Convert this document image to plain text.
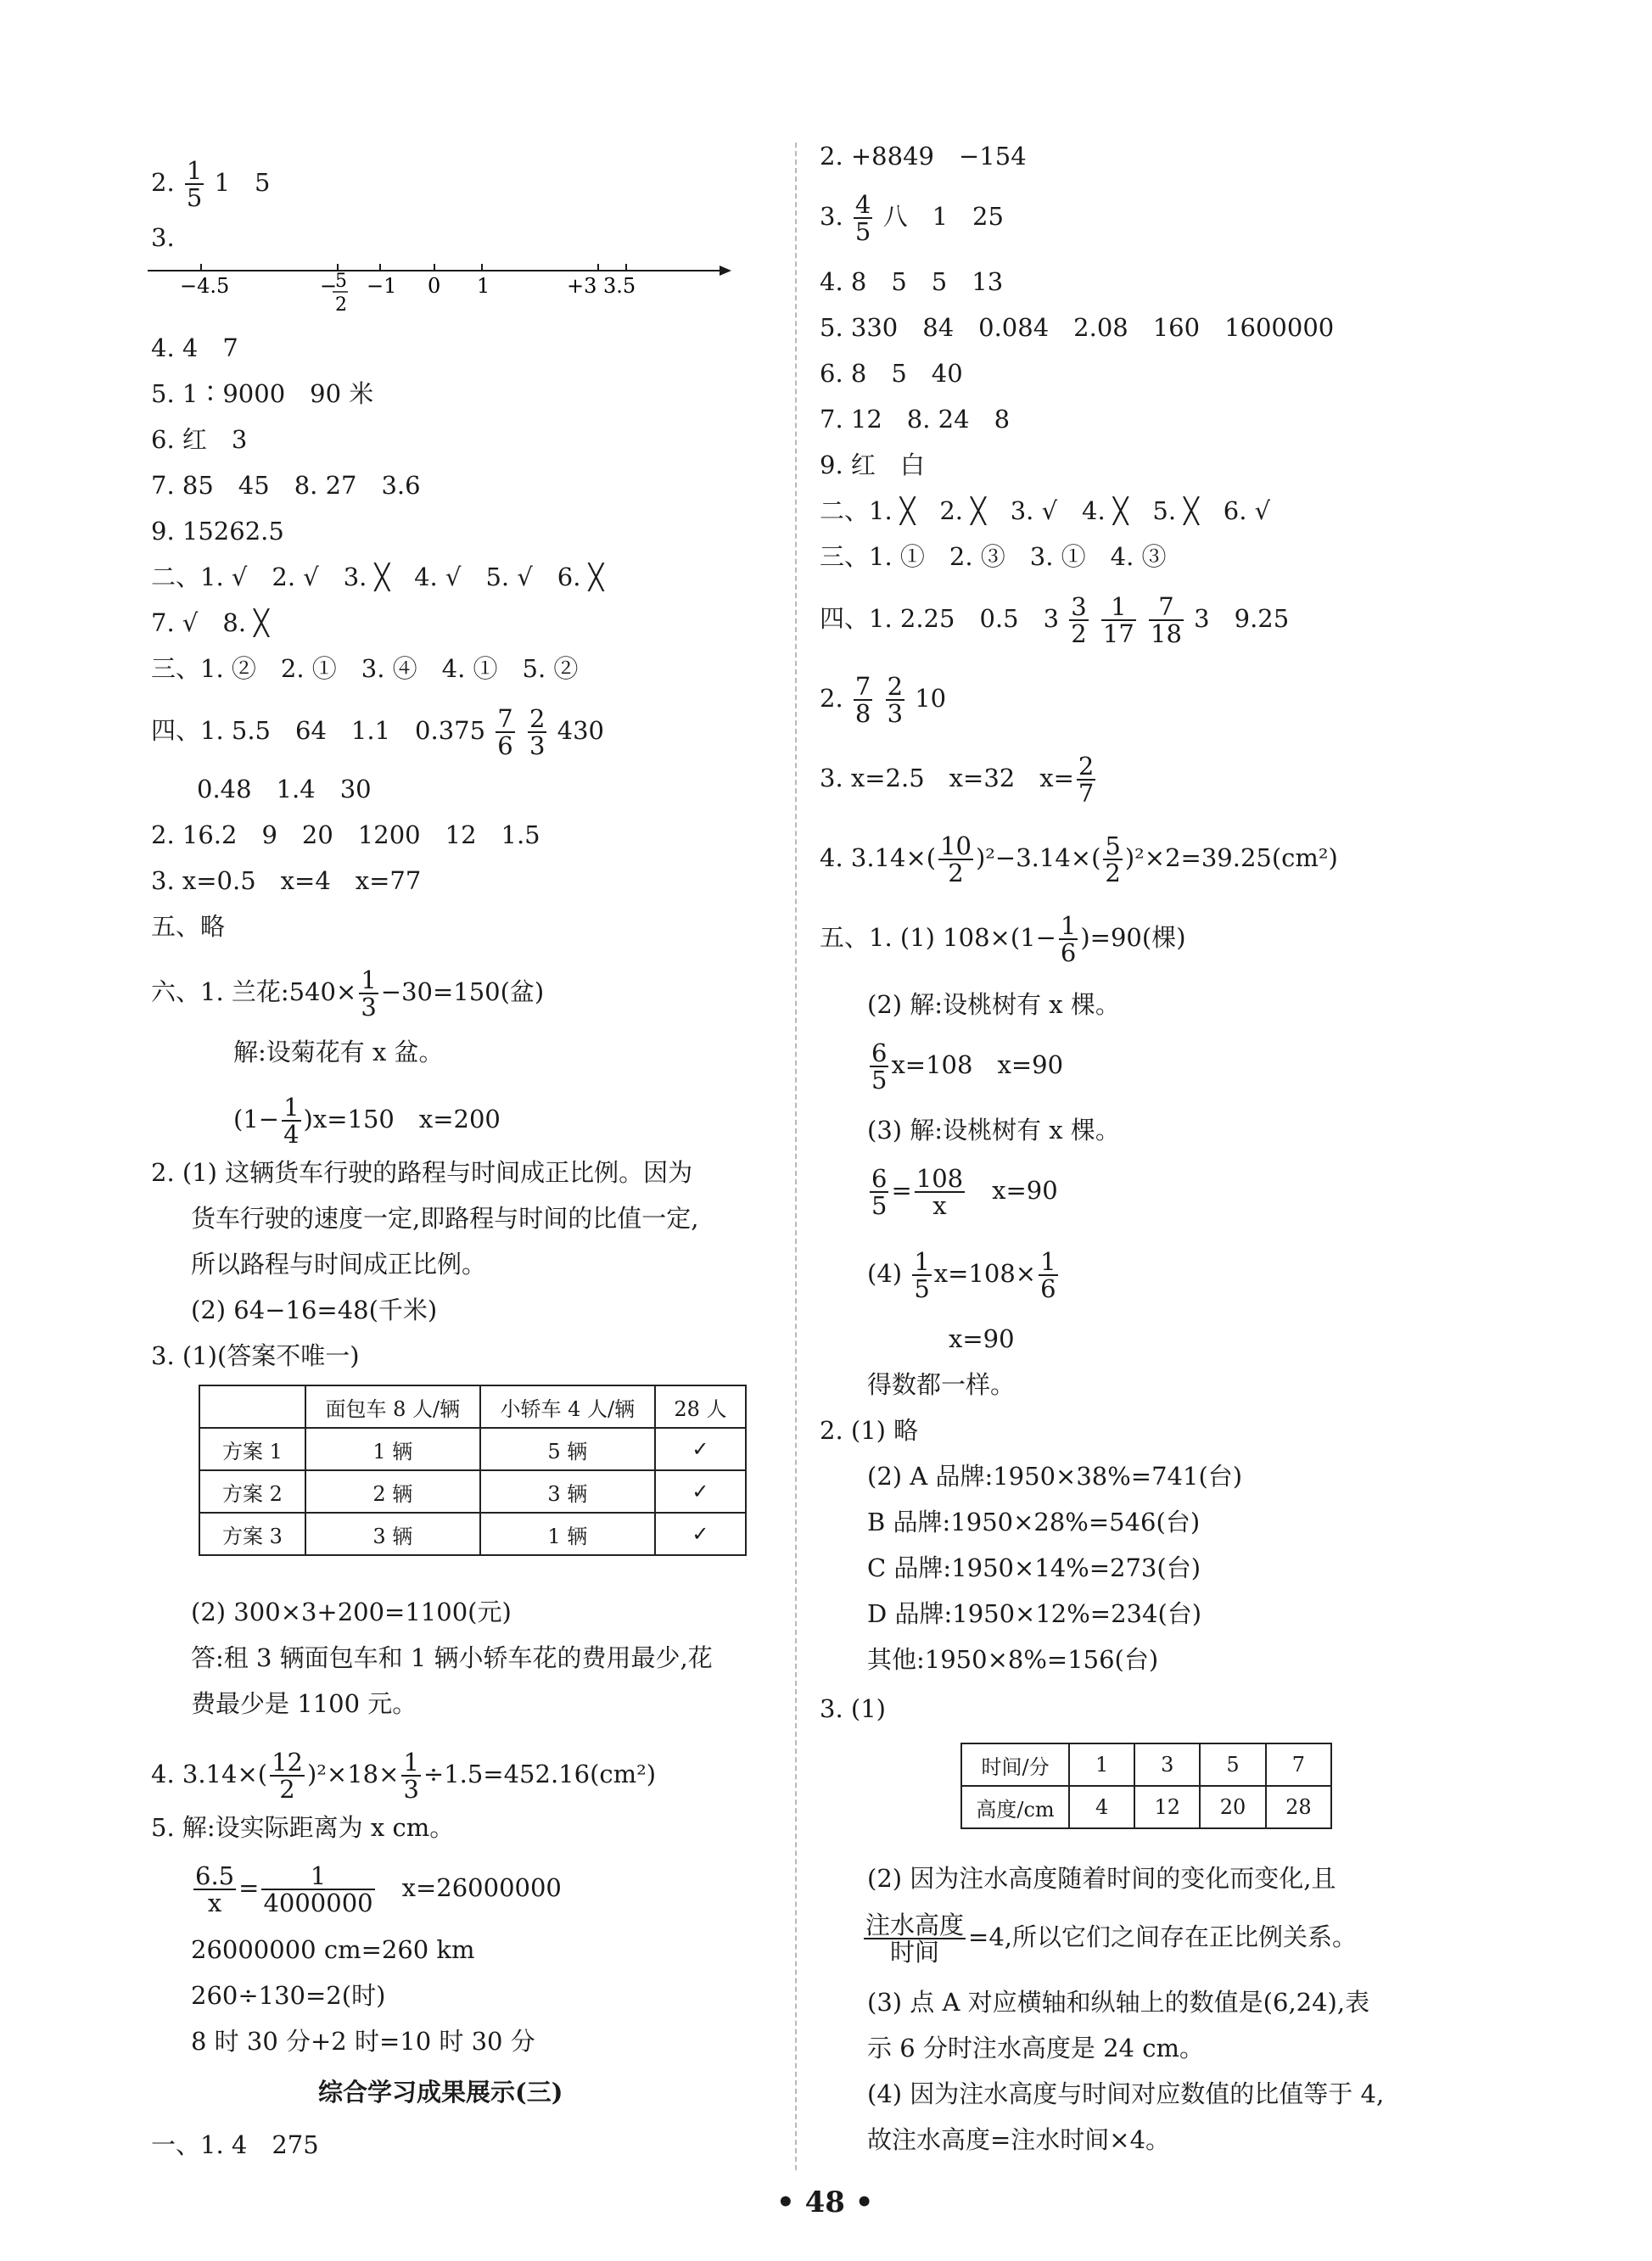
2. $\frac{1}{5} 1$　5
3.
−4.5	−
5
2
−1 0 1	+3 3.5
4. 4　7
5. 1∶9000　90 米
6. 红　3
7. 85　45　8. 27　3.6
9. 15262.5
二、1. √　2. √　3. ╳　4. √　5. √　6. ╳
7. √　8. ╳
三、1. ②　2. ①　3. ④　4. ①　5. ②
四、1. 5.5　64　1.1　$0.375 \frac{7}{6}$
$\frac{2}{3} 430$
0.48　1.4　30
2. 16.2　9　20　1200　12　1.5
3. x=0.5　x=4　x=77
五、略
六、1. 兰花:540× $\frac{1}{3} -30=150$(盆)
解:设菊花有 x 盆。
$(1- \frac{1}{4} )x=150$　x=200
2. (1) 这辆货车行驶的路程与时间成正比例。因为
货车行驶的速度一定,即路程与时间的比值一定,
所以路程与时间成正比例。
(2) 64−16=48(千米)
3. (1)(答案不唯一)
	面包车 8 人/辆	小轿车 4 人/辆	28 人
方案 1	1 辆	5 辆	✓
方案 2	2 辆	3 辆	✓
方案 3	3 辆	1 辆	✓
(2) 300×3+200=1100(元)
答:租 3 辆面包车和 1 辆小轿车花的费用最少,花
费最少是 1100 元。
4. $3.14\times( \frac{12}{2} )^2\times 18\times \frac{1}{3} \div 1.5=452.16(cm^2)$
5. 解:设实际距离为 x cm。
$\frac{6.5}{x} = \frac{1}{4000000}$
　 x=26000000
26000000 cm=260 km
260÷130=2(时)
8 时 30 分+2 时=10 时 30 分
综合学习成果展示(三)
一、1. 4　275
2. +8849　−154
3. $\frac{4}{5}$ 八　1　25
4. 8　5　5　13
5. 330　84　0.084　2.08　160　1600000
6. 8　5　40
7. 12　8. 24　8
9. 红　白
二、1. ╳　2. ╳　3. √　4. ╳　5. ╳　6. √
三、1. ①　2. ③　3. ①　4. ③
四、1. 2.25　0.5　$3 \frac{3}{2}$
$\frac{1}{17}$
$\frac{7}{18} 3$　9.25
2. $\frac{7}{8}$
$\frac{2}{3} 10$
3. x=2.5　x=32　$x= \frac{2}{7}$
4. $3.14\times( \frac{10}{2} )^2-3.14\times( \frac{5}{2} )^2\times 2=39.25(cm^2)$
五、1. (1) $108\times(1- \frac{1}{6} )=90$(棵)
(2) 解:设桃树有 x 棵。
$\frac{6}{5} x=108$　x=90
(3) 解:设桃树有 x 棵。
$\frac{6}{5} = \frac{108}{x}$
　 x=90
$(4) \frac{1}{5} x=108\times \frac{1}{6}$
x=90
得数都一样。
2. (1) 略
(2) A 品牌:1950×38%=741(台)
B 品牌:1950×28%=546(台)
C 品牌:1950×14%=273(台)
D 品牌:1950×12%=234(台)
其他:1950×8%=156(台)
3. (1)
时间/分	1	3	5	7
高度/cm	4	12	20	28
(2) 因为注水高度随着时间的变化而变化,且
$\frac{\text{注水高度}}{\text{时间}} =4$,所以它们之间存在正比例关系。
(3) 点 A 对应横轴和纵轴上的数值是(6,24),表
示 6 分时注水高度是 24 cm。
(4) 因为注水高度与时间对应数值的比值等于 4,
故注水高度=注水时间×4。
• 48 •
